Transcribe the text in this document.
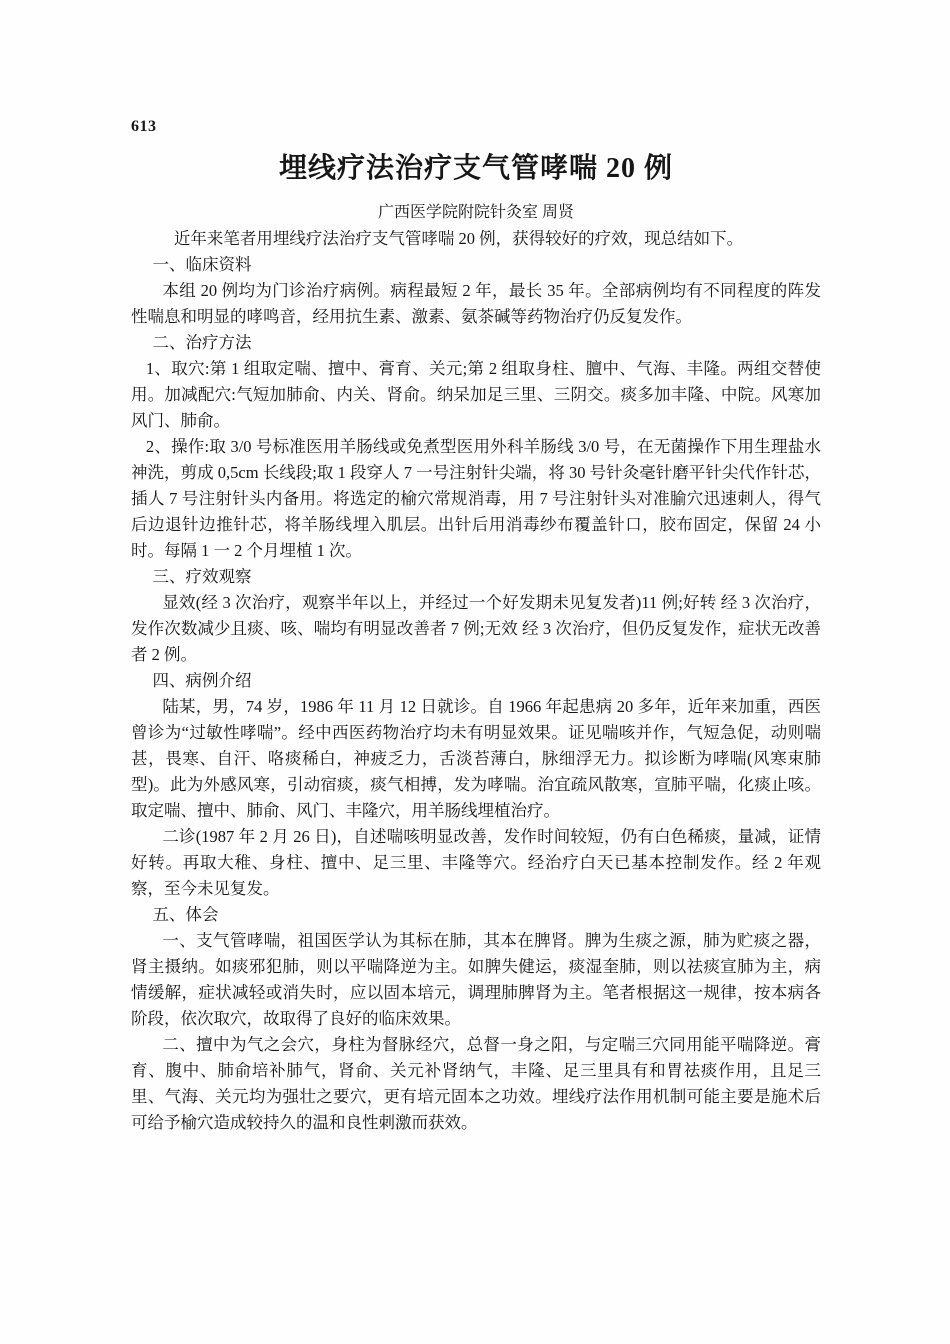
613
埋线疗法治疗支气管哮喘 20 例
广西医学院附院针灸室 周贤

近年来笔者用埋线疗法治疗支气管哮喘 20 例，获得较好的疗效，现总结如下。

一、临床资料

本组 20 例均为门诊治疗病例。病程最短 2 年，最长 35 年。全部病例均有不同程度的阵发性喘息和明显的哮鸣音，经用抗生素、激素、氨茶碱等药物治疗仍反复发作。

二、治疗方法

1、取穴:第 1 组取定喘、擅中、膏育、关元;第 2 组取身柱、膻中、气海、丰隆。两组交替使用。加减配穴:气短加肺俞、内关、肾俞。纳呆加足三里、三阴交。痰多加丰隆、中院。风寒加风门、肺俞。

2、操作:取 3/0 号标准医用羊肠线或免煮型医用外科羊肠线 3/0 号，在无菌操作下用生理盐水神洗，剪成 0,5cm 长线段;取 1 段穿人 7 一号注射针尖端，将 30 号针灸毫针磨平针尖代作针芯，插人 7 号注射针头内备用。将选定的榆穴常规消毒，用 7 号注射针头对准腧穴迅速刺人，得气后边退针边推针芯，将羊肠线埋入肌层。出针后用消毒纱布覆盖针口，胶布固定，保留 24 小时。每隔 1 一 2 个月埋植 1 次。

三、疗效观察

显效(经 3 次治疗，观察半年以上，并经过一个好发期未见复发者)11 例;好转 经 3 次治疗，发作次数减少且痰、咳、喘均有明显改善者 7 例;无效 经 3 次治疗，但仍反复发作，症状无改善者 2 例。

四、病例介绍

陆某，男，74 岁，1986 年 11 月 12 日就诊。自 1966 年起患病 20 多年，近年来加重，西医曾诊为“过敏性哮喘”。经中西医药物治疗均未有明显效果。证见喘咳并作，气短急促，动则喘甚，畏寒、自汗、咯痰稀白，神疲乏力，舌淡苔薄白，脉细浮无力。拟诊断为哮喘(风寒束肺型)。此为外感风寒，引动宿痰，痰气相搏，发为哮喘。治宜疏风散寒，宣肺平喘，化痰止咳。取定喘、擅中、肺俞、风门、丰隆穴，用羊肠线埋植治疗。

二诊(1987 年 2 月 26 日)，自述喘咳明显改善，发作时间较短，仍有白色稀痰，量减，证情好转。再取大稚、身柱、擅中、足三里、丰隆等穴。经治疗白天已基本控制发作。经 2 年观察，至今未见复发。

五、体会

一、支气管哮喘，祖国医学认为其标在肺，其本在脾肾。脾为生痰之源，肺为贮痰之器，肾主摄纳。如痰邪犯肺，则以平喘降逆为主。如脾失健运，痰湿奎肺，则以祛痰宣肺为主，病情缓解，症状减轻或消失时，应以固本培元，调理肺脾肾为主。笔者根据这一规律，按本病各阶段，依次取穴，故取得了良好的临床效果。

二、擅中为气之会穴，身柱为督脉经穴，总督一身之阳，与定喘三穴同用能平喘降逆。膏育、腹中、肺俞培补肺气，肾俞、关元补肾纳气，丰隆、足三里具有和胃祛痰作用，且足三里、气海、关元均为强壮之要穴，更有培元固本之功效。埋线疗法作用机制可能主要是施术后可给予榆穴造成较持久的温和良性刺激而获效。
